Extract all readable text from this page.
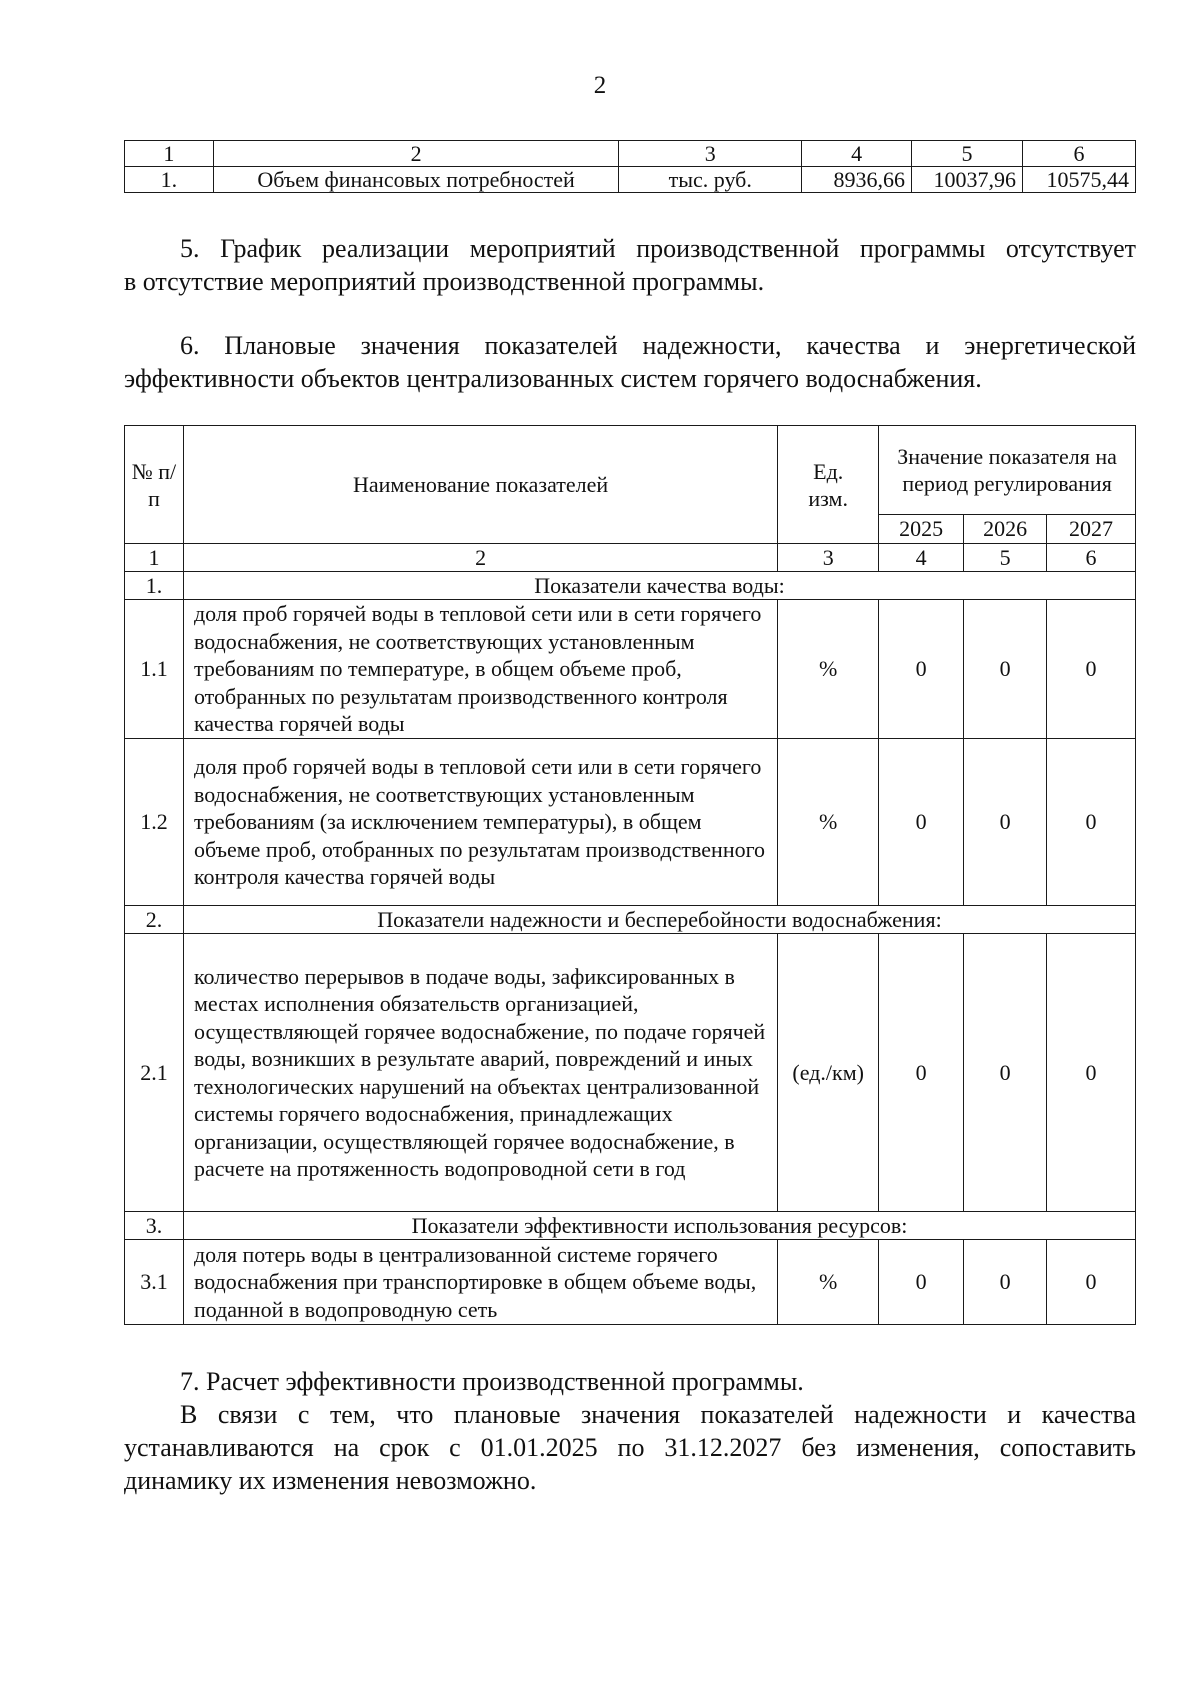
2
1	2	3	4	5	6
1.	Объем финансовых потребностей	тыс. руб.	8936,66	10037,96	10575,44
5. График реализации мероприятий производственной программы отсутствует
в отсутствие мероприятий производственной программы.
6. Плановые значения показателей надежности, качества и энергетической
эффективности объектов централизованных систем горячего водоснабжения.
№ п/п	Наименование показателей	Ед. изм.	Значение показателя на период регулирования		
			2025	2026	2027
1	2	3	4	5	6
1.	Показатели качества воды:				
1.1	доля проб горячей воды в тепловой сети или в сети горячего водоснабжения, не соответствующих установленным требованиям по температуре, в общем объеме проб, отобранных по результатам производственного контроля качества горячей воды	%	0	0	0
1.2	доля проб горячей воды в тепловой сети или в сети горячего водоснабжения, не соответствующих установленным требованиям (за исключением температуры), в общем объеме проб, отобранных по результатам производственного контроля качества горячей воды	%	0	0	0
2.	Показатели надежности и бесперебойности водоснабжения:				
2.1	количество перерывов в подаче воды, зафиксированных в местах исполнения обязательств организацией, осуществляющей горячее водоснабжение, по подаче горячей воды, возникших в результате аварий, повреждений и иных технологических нарушений на объектах централизованной системы горячего водоснабжения, принадлежащих организации, осуществляющей горячее водоснабжение, в расчете на протяженность водопроводной сети в год	(ед./км)	0	0	0
3.	Показатели эффективности использования ресурсов:				
3.1	доля потерь воды в централизованной системе горячего водоснабжения при транспортировке в общем объеме воды, поданной в водопроводную сеть	%	0	0	0
7. Расчет эффективности производственной программы.
В связи с тем, что плановые значения показателей надежности и качества
устанавливаются на срок с 01.01.2025 по 31.12.2027 без изменения, сопоставить
динамику их изменения невозможно.
